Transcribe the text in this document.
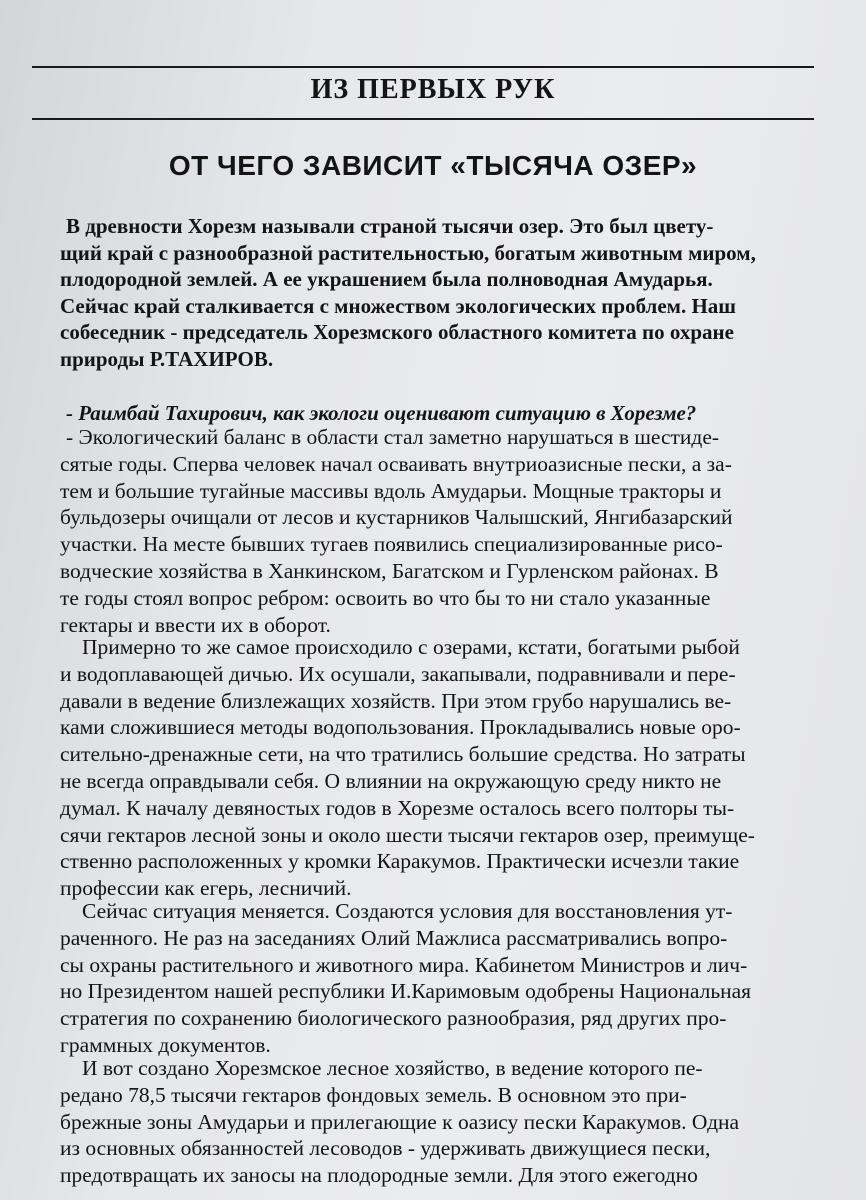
ИЗ ПЕРВЫХ РУК
ОТ ЧЕГО ЗАВИСИТ «ТЫСЯЧА ОЗЕР»
В древности Хорезм называли страной тысячи озер. Это был цвету-
щий край с разнообразной растительностью, богатым животным миром,
плодородной землей. А ее украшением была полноводная Амударья.
Сейчас край сталкивается с множеством экологических проблем. Наш
собеседник - председатель Хорезмского областного комитета по охране
природы Р.ТАХИРОВ.
- Раимбай Тахирович, как экологи оценивают ситуацию в Хорезме?
- Экологический баланс в области стал заметно нарушаться в шестиде-
сятые годы. Сперва человек начал осваивать внутриоазисные пески, а за-
тем и большие тугайные массивы вдоль Амударьи. Мощные тракторы и
бульдозеры очищали от лесов и кустарников Чалышский, Янгибазарский
участки. На месте бывших тугаев появились специализированные рисо-
водческие хозяйства в Ханкинском, Багатском и Гурленском районах. В
те годы стоял вопрос ребром: освоить во что бы то ни стало указанные
гектары и ввести их в оборот.
Примерно то же самое происходило с озерами, кстати, богатыми рыбой
и водоплавающей дичью. Их осушали, закапывали, подравнивали и пере-
давали в ведение близлежащих хозяйств. При этом грубо нарушались ве-
ками сложившиеся методы водопользования. Прокладывались новые оро-
сительно-дренажные сети, на что тратились большие средства. Но затраты
не всегда оправдывали себя. О влиянии на окружающую среду никто не
думал. К началу девяностых годов в Хорезме осталось всего полторы ты-
сячи гектаров лесной зоны и около шести тысячи гектаров озер, преимуще-
ственно расположенных у кромки Каракумов. Практически исчезли такие
профессии как егерь, лесничий.
Сейчас ситуация меняется. Создаются условия для восстановления ут-
раченного. Не раз на заседаниях Олий Мажлиса рассматривались вопро-
сы охраны растительного и животного мира. Кабинетом Министров и лич-
но Президентом нашей республики И.Каримовым одобрены Национальная
стратегия по сохранению биологического разнообразия, ряд других про-
граммных документов.
И вот создано Хорезмское лесное хозяйство, в ведение которого пе-
редано 78,5 тысячи гектаров фондовых земель. В основном это при-
брежные зоны Амударьи и прилегающие к оазису пески Каракумов. Одна
из основных обязанностей лесоводов - удерживать движущиеся пески,
предотвращать их заносы на плодородные земли. Для этого ежегодно
